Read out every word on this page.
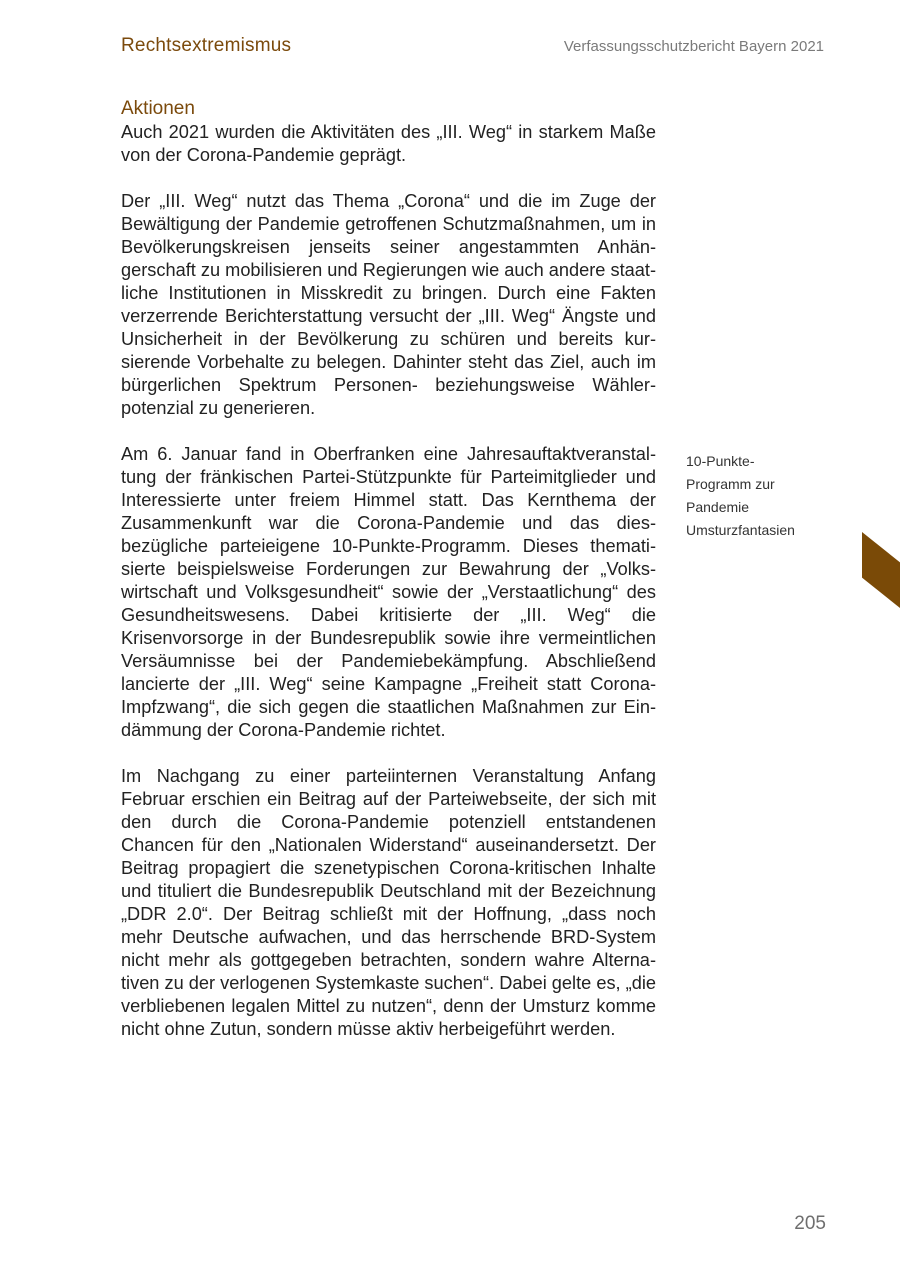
Rechtsextremismus	Verfassungsschutzbericht Bayern 2021
Aktionen

Auch 2021 wurden die Aktivitäten des „III. Weg“ in starkem Maße von der Corona-Pandemie geprägt.

Der „III. Weg“ nutzt das Thema „Corona“ und die im Zuge der Bewältigung der Pandemie getroffenen Schutzmaßnahmen, um in Bevölkerungskreisen jenseits seiner angestammten Anhängerschaft zu mobilisieren und Regierungen wie auch andere staatliche Institutionen in Misskredit zu bringen. Durch eine Fakten verzerrende Berichterstattung versucht der „III. Weg“ Ängste und Unsicherheit in der Bevölkerung zu schüren und bereits kursierende Vorbehalte zu belegen. Dahinter steht das Ziel, auch im bürgerlichen Spektrum Personen- beziehungsweise Wählerpotenzial zu generieren.

Am 6. Januar fand in Oberfranken eine Jahresauftaktveranstaltung der fränkischen Partei-Stützpunkte für Parteimitglieder und Interessierte unter freiem Himmel statt. Das Kernthema der Zusammenkunft war die Corona-Pandemie und das diesbezügliche parteieigene 10-Punkte-Programm. Dieses thematisierte beispielsweise Forderungen zur Bewahrung der „Volkswirtschaft und Volksgesundheit“ sowie der „Verstaatlichung“ des Gesundheitswesens. Dabei kritisierte der „III. Weg“ die Krisenvorsorge in der Bundesrepublik sowie ihre vermeintlichen Versäumnisse bei der Pandemiebekämpfung. Abschließend lancierte der „III. Weg“ seine Kampagne „Freiheit statt Corona-Impfzwang“, die sich gegen die staatlichen Maßnahmen zur Eindämmung der Corona-Pandemie richtet.

Im Nachgang zu einer parteiinternen Veranstaltung Anfang Februar erschien ein Beitrag auf der Parteiwebseite, der sich mit den durch die Corona-Pandemie potenziell entstandenen Chancen für den „Nationalen Widerstand“ auseinandersetzt. Der Beitrag propagiert die szenetypischen Corona-kritischen Inhalte und tituliert die Bundesrepublik Deutschland mit der Bezeichnung „DDR 2.0“. Der Beitrag schließt mit der Hoffnung, „dass noch mehr Deutsche aufwachen, und das herrschende BRD-System nicht mehr als gottgegeben betrachten, sondern wahre Alternativen zu der verlogenen Systemkaste suchen“. Dabei gelte es, „die verbliebenen legalen Mittel zu nutzen“, denn der Umsturz komme nicht ohne Zutun, sondern müsse aktiv herbeigeführt werden.

10-Punkte-
Programm zur
Pandemie
Umsturzfantasien
205
